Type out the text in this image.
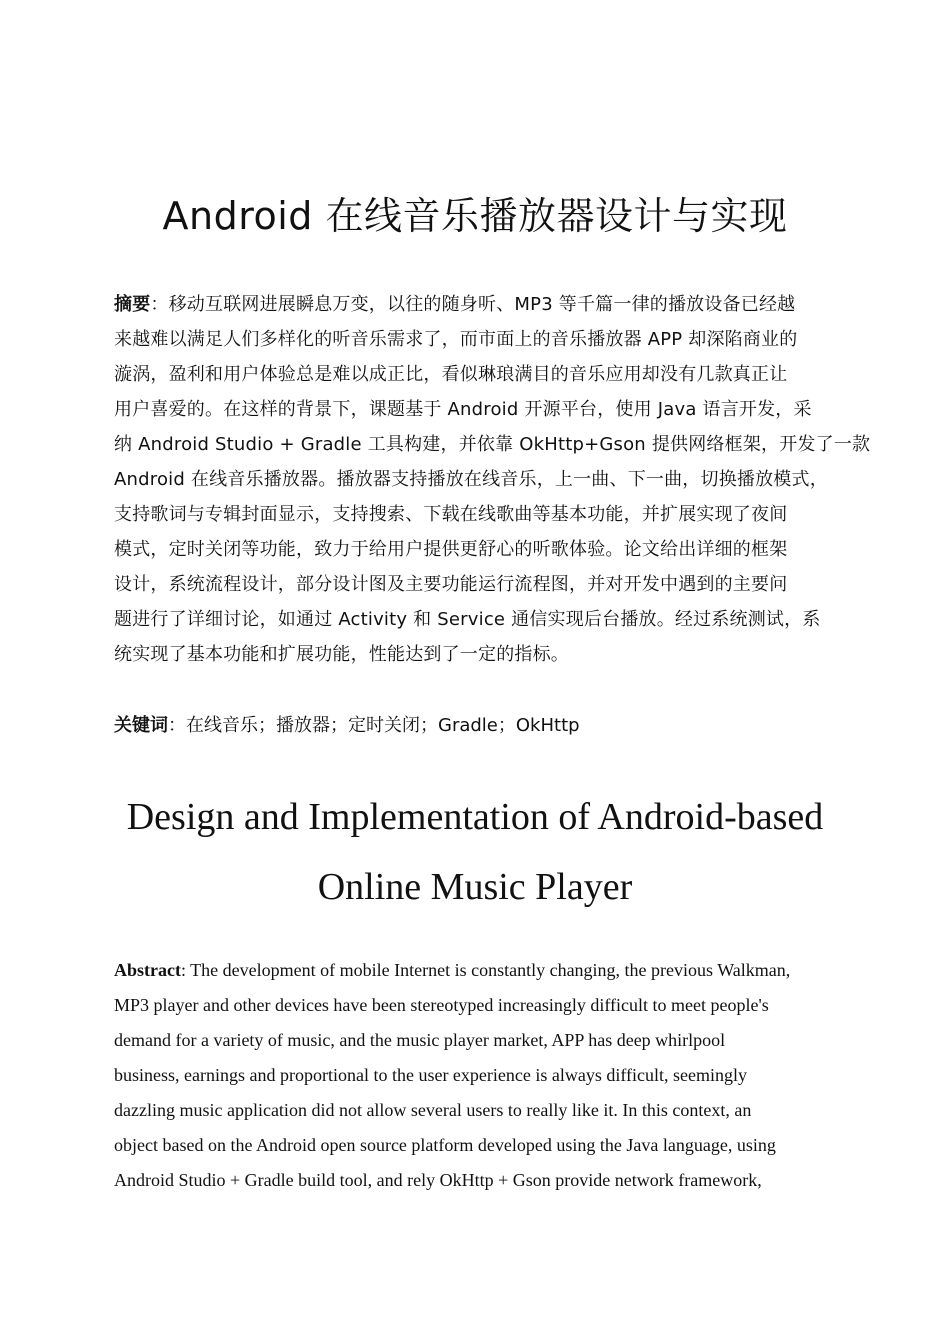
Android 在线音乐播放器设计与实现
摘要：移动互联网进展瞬息万变，以往的随身听、MP3 等千篇一律的播放设备已经越
来越难以满足人们多样化的听音乐需求了，而市面上的音乐播放器 APP 却深陷商业的
漩涡，盈利和用户体验总是难以成正比，看似琳琅满目的音乐应用却没有几款真正让
用户喜爱的。在这样的背景下，课题基于 Android 开源平台，使用 Java 语言开发，采
纳 Android Studio + Gradle 工具构建，并依靠 OkHttp+Gson 提供网络框架，开发了一款
Android 在线音乐播放器。播放器支持播放在线音乐，上一曲、下一曲，切换播放模式，
支持歌词与专辑封面显示，支持搜索、下载在线歌曲等基本功能，并扩展实现了夜间
模式，定时关闭等功能，致力于给用户提供更舒心的听歌体验。论文给出详细的框架
设计，系统流程设计，部分设计图及主要功能运行流程图，并对开发中遇到的主要问
题进行了详细讨论，如通过 Activity 和 Service 通信实现后台播放。经过系统测试，系
统实现了基本功能和扩展功能，性能达到了一定的指标。
关键词：在线音乐；播放器；定时关闭；Gradle；OkHttp
Design and Implementation of Android-based
Online Music Player
Abstract: The development of mobile Internet is constantly changing, the previous Walkman,
MP3 player and other devices have been stereotyped increasingly difficult to meet people's
demand for a variety of music, and the music player market, APP has deep whirlpool
business, earnings and proportional to the user experience is always difficult, seemingly
dazzling music application did not allow several users to really like it. In this context, an
object based on the Android open source platform developed using the Java language, using
Android Studio + Gradle build tool, and rely OkHttp + Gson provide network framework,
